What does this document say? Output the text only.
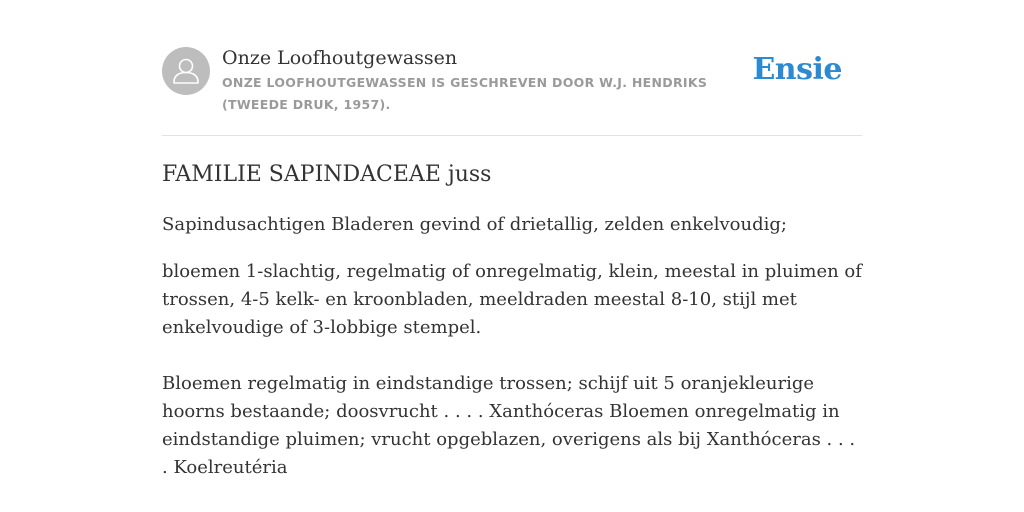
Onze Loofhoutgewassen
ONZE LOOFHOUTGEWASSEN IS GESCHREVEN DOOR W.J. HENDRIKS (TWEEDE DRUK, 1957).
Ensie
FAMILIE SAPINDACEAE juss

Sapindusachtigen Bladeren gevind of drietallig, zelden enkelvoudig;

bloemen 1-slachtig, regelmatig of onregelmatig, klein, meestal in pluimen of trossen, 4-5 kelk- en kroonbladen, meeldraden meestal 8-10, stijl met enkelvoudige of 3-lobbige stempel.

Bloemen regelmatig in eindstandige trossen; schijf uit 5 oranjekleurige hoorns bestaande; doosvrucht . . . . Xanthóceras Bloemen onregelmatig in eindstandige pluimen; vrucht opgeblazen, overigens als bij Xanthóceras . . . . Koelreutéria
